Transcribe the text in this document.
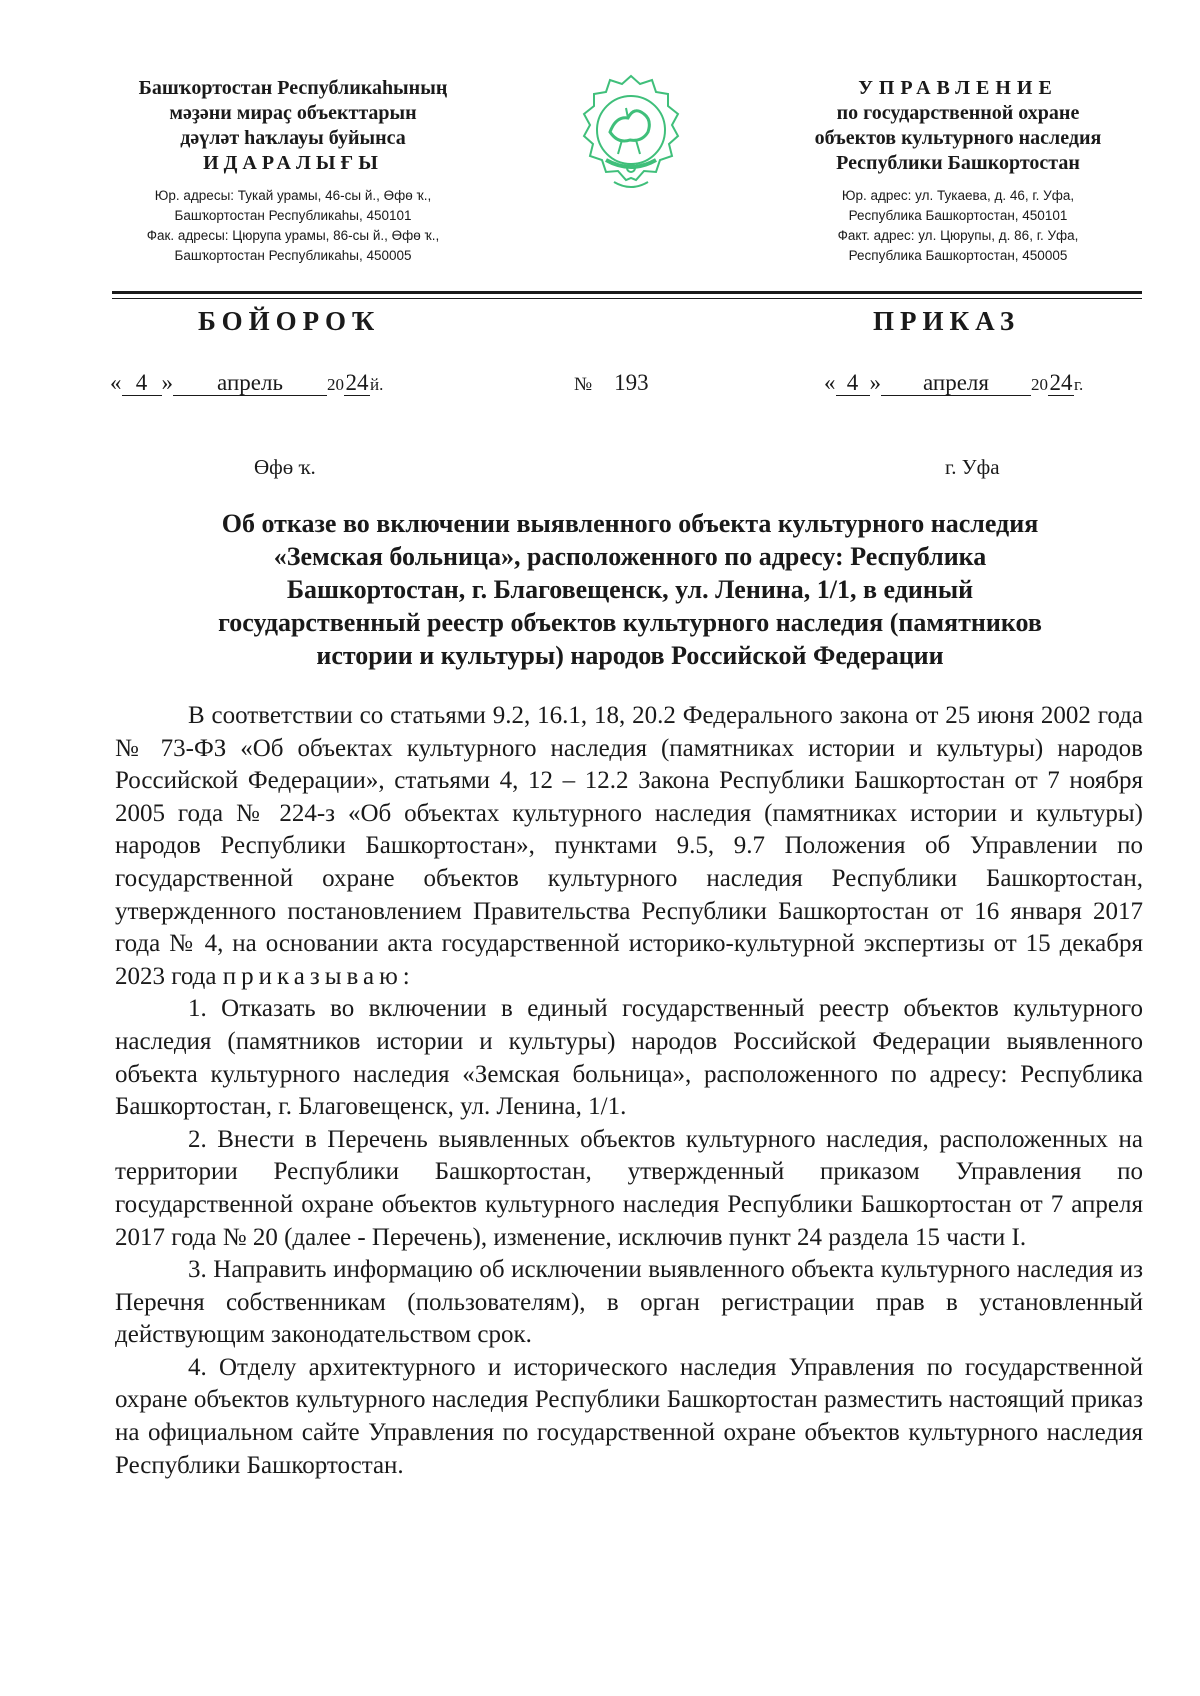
Башҡортостан Республикаһының
мәҙәни мираҫ объекттарын
дәүләт һаҡлауы буйынса
ИДАРАЛЫҒЫ
Юр. адресы: Тукай урамы, 46-сы й., Өфө ҡ.,
Башҡортостан Республикаһы, 450101
Фак. адресы: Цюрупа урамы, 86-сы й., Өфө ҡ.,
Башҡортостан Республикаһы, 450005
УПРАВЛЕНИЕ
по государственной охране
объектов культурного наследия
Республики Башкортостан
Юр. адрес: ул. Тукаева, д. 46, г. Уфа,
Республика Башкортостан, 450101
Факт. адрес: ул. Цюрупы, д. 86, г. Уфа,
Республика Башкортостан, 450005
БОЙОРОҠ	ПРИКАЗ
« 4 » апрель	2024й.	№ 193	« 4 » апреля 2024г.
Өфө ҡ.	г. Уфа
Об отказе во включении выявленного объекта культурного наследия
«Земская больница», расположенного по адресу: Республика
Башкортостан, г. Благовещенск, ул. Ленина, 1/1, в единый
государственный реестр объектов культурного наследия (памятников
истории и культуры) народов Российской Федерации

В соответствии со статьями 9.2, 16.1, 18, 20.2 Федерального закона от 25 июня 2002 года № 73-ФЗ «Об объектах культурного наследия (памятниках истории и культуры) народов Российской Федерации», статьями 4, 12 – 12.2 Закона Республики Башкортостан от 7 ноября 2005 года № 224-з «Об объектах культурного наследия (памятниках истории и культуры) народов Республики Башкортостан», пунктами 9.5, 9.7 Положения об Управлении по государственной охране объектов культурного наследия Республики Башкортостан, утвержденного постановлением Правительства Республики Башкортостан от 16 января 2017 года № 4, на основании акта государственной историко-культурной экспертизы от 15 декабря 2023 года приказываю:

1. Отказать во включении в единый государственный реестр объектов культурного наследия (памятников истории и культуры) народов Российской Федерации выявленного объекта культурного наследия «Земская больница», расположенного по адресу: Республика Башкортостан, г. Благовещенск, ул. Ленина, 1/1.

2. Внести в Перечень выявленных объектов культурного наследия, расположенных на территории Республики Башкортостан, утвержденный приказом Управления по государственной охране объектов культурного наследия Республики Башкортостан от 7 апреля 2017 года № 20 (далее - Перечень), изменение, исключив пункт 24 раздела 15 части I.

3. Направить информацию об исключении выявленного объекта культурного наследия из Перечня собственникам (пользователям), в орган регистрации прав в установленный действующим законодательством срок.

4. Отделу архитектурного и исторического наследия Управления по государственной охране объектов культурного наследия Республики Башкортостан разместить настоящий приказ на официальном сайте Управления по государственной охране объектов культурного наследия Республики Башкортостан.
